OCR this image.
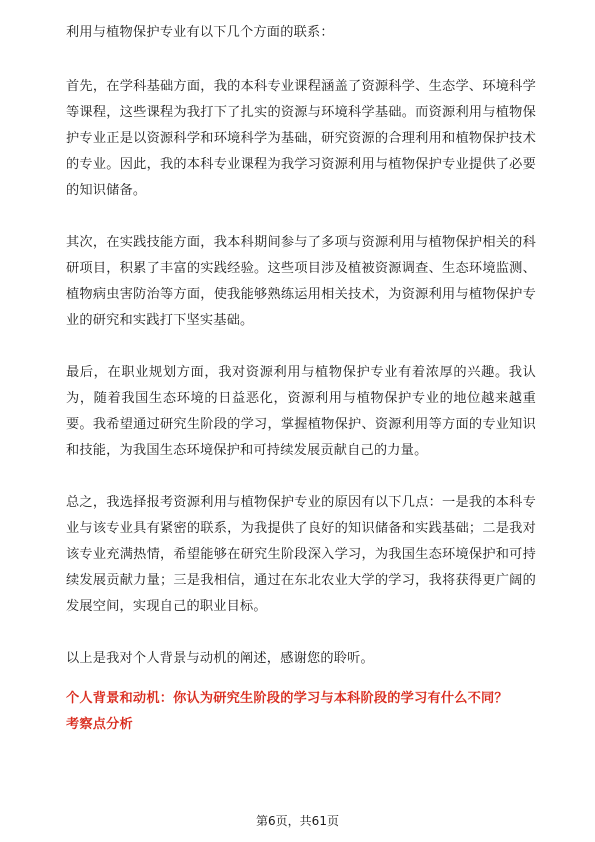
利用与植物保护专业有以下几个方面的联系：

首先，在学科基础方面，我的本科专业课程涵盖了资源科学、生态学、环境科学等课程，这些课程为我打下了扎实的资源与环境科学基础。而资源利用与植物保护专业正是以资源科学和环境科学为基础，研究资源的合理利用和植物保护技术的专业。因此，我的本科专业课程为我学习资源利用与植物保护专业提供了必要的知识储备。

其次，在实践技能方面，我本科期间参与了多项与资源利用与植物保护相关的科研项目，积累了丰富的实践经验。这些项目涉及植被资源调查、生态环境监测、植物病虫害防治等方面，使我能够熟练运用相关技术，为资源利用与植物保护专业的研究和实践打下坚实基础。

最后，在职业规划方面，我对资源利用与植物保护专业有着浓厚的兴趣。我认为，随着我国生态环境的日益恶化，资源利用与植物保护专业的地位越来越重要。我希望通过研究生阶段的学习，掌握植物保护、资源利用等方面的专业知识和技能，为我国生态环境保护和可持续发展贡献自己的力量。

总之，我选择报考资源利用与植物保护专业的原因有以下几点：一是我的本科专业与该专业具有紧密的联系，为我提供了良好的知识储备和实践基础；二是我对该专业充满热情，希望能够在研究生阶段深入学习，为我国生态环境保护和可持续发展贡献力量；三是我相信，通过在东北农业大学的学习，我将获得更广阔的发展空间，实现自己的职业目标。

以上是我对个人背景与动机的阐述，感谢您的聆听。

个人背景和动机：你认为研究生阶段的学习与本科阶段的学习有什么不同？

考察点分析

第6页，共61页
